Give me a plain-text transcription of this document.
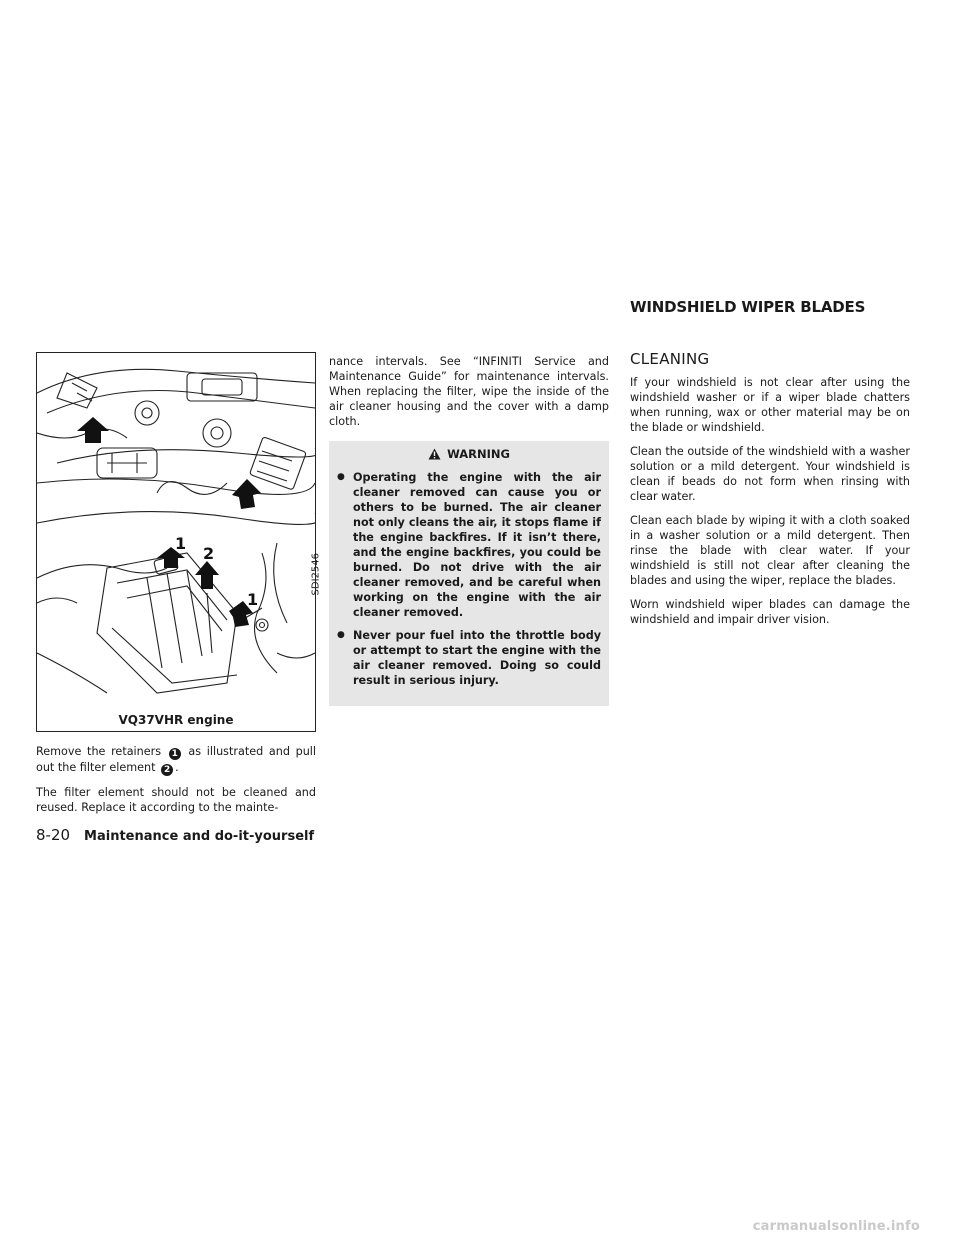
WINDSHIELD WIPER BLADES
1
2
1
SDI2546

VQ37VHR engine

Remove the retainers 1 as illustrated and pull out the filter element 2 .

The filter element should not be cleaned and reused. Replace it according to the mainte-

nance intervals. See “INFINITI Service and Maintenance Guide” for maintenance intervals. When replacing the filter, wipe the inside of the air cleaner housing and the cover with a damp cloth.

WARNING
● Operating the engine with the air cleaner removed can cause you or others to be burned. The air cleaner not only cleans the air, it stops flame if the engine backfires. If it isn’t there, and the engine backfires, you could be burned. Do not drive with the air cleaner removed, and be careful when working on the engine with the air cleaner removed.
● Never pour fuel into the throttle body or attempt to start the engine with the air cleaner removed. Doing so could result in serious injury.
CLEANING

If your windshield is not clear after using the windshield washer or if a wiper blade chatters when running, wax or other material may be on the blade or windshield.

Clean the outside of the windshield with a washer solution or a mild detergent. Your windshield is clean if beads do not form when rinsing with clear water.

Clean each blade by wiping it with a cloth soaked in a washer solution or a mild detergent. Then rinse the blade with clear water. If your windshield is still not clear after cleaning the blades and using the wiper, replace the blades.

Worn windshield wiper blades can damage the windshield and impair driver vision.

8-20 Maintenance and do-it-yourself

carmanualsonline.info
